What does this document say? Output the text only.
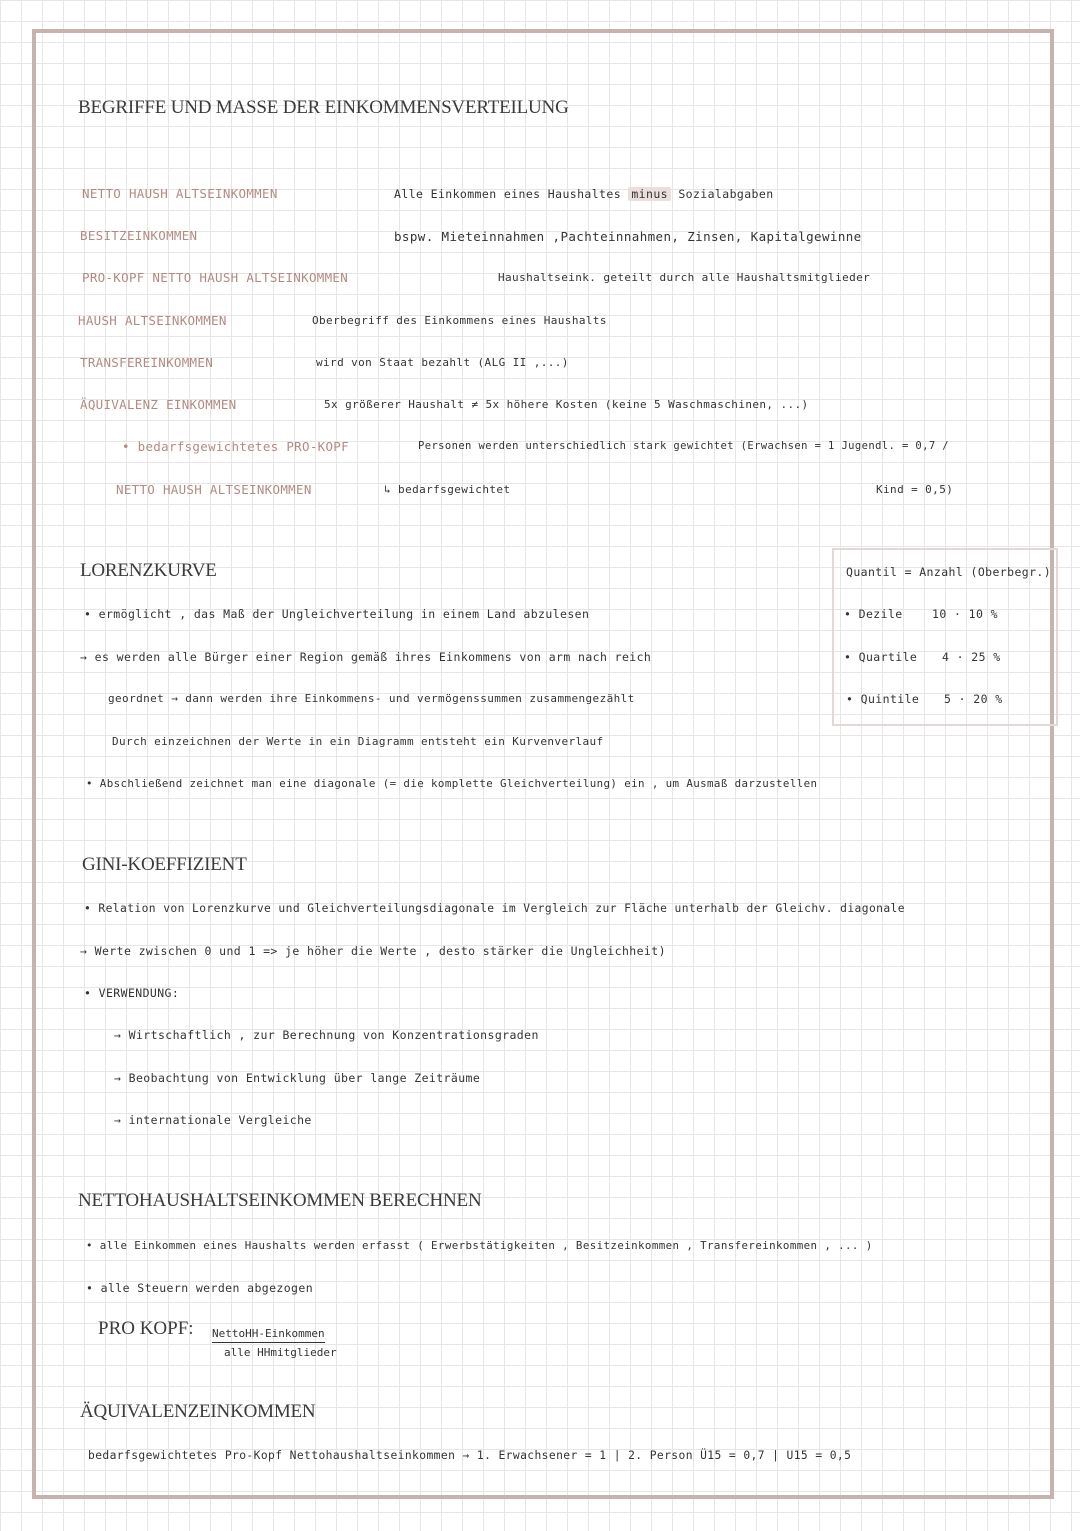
BEGRIFFE UND MASSE DER EINKOMMENSVERTEILUNG
NETTO HAUSH ALTSEINKOMMEN	Alle Einkommen eines Haushaltes minus Sozialabgaben
BESITZEINKOMMEN	bspw. Mieteinnahmen ,Pachteinnahmen, Zinsen, Kapitalgewinne
PRO-KOPF NETTO HAUSH ALTSEINKOMMEN	Haushaltseink. geteilt durch alle Haushaltsmitglieder
HAUSH ALTSEINKOMMEN	Oberbegriff des Einkommens eines Haushalts
TRANSFEREINKOMMEN	wird von Staat bezahlt (ALG II ,...)
ÄQUIVALENZ EINKOMMEN	5x größerer Haushalt ≠ 5x höhere Kosten (keine 5 Waschmaschinen, ...)
• bedarfsgewichtetes PRO-KOPF	Personen werden unterschiedlich stark gewichtet (Erwachsen = 1 Jugendl. = 0,7 /
NETTO HAUSH ALTSEINKOMMEN	↳ bedarfsgewichtet	Kind = 0,5)
LORENZKURVE
• ermöglicht , das Maß der Ungleichverteilung in einem Land abzulesen
→ es werden alle Bürger einer Region gemäß ihres Einkommens von arm nach reich
geordnet → dann werden ihre Einkommens- und vermögenssummen zusammengezählt
Durch einzeichnen der Werte in ein Diagramm entsteht ein Kurvenverlauf
• Abschließend zeichnet man eine diagonale (= die komplette Gleichverteilung) ein , um Ausmaß darzustellen
Quantil = Anzahl (Oberbegr.)
• Dezile	10 · 10 %
• Quartile 4 · 25 %
• Quintile 5 · 20 %
GINI-KOEFFIZIENT
• Relation von Lorenzkurve und Gleichverteilungsdiagonale im Vergleich zur Fläche unterhalb der Gleichv. diagonale
→ Werte zwischen 0 und 1 => je höher die Werte , desto stärker die Ungleichheit)
• VERWENDUNG:
→ Wirtschaftlich , zur Berechnung von Konzentrationsgraden
→ Beobachtung von Entwicklung über lange Zeiträume
→ internationale Vergleiche
NETTOHAUSHALTSEINKOMMEN BERECHNEN
• alle Einkommen eines Haushalts werden erfasst ( Erwerbstätigkeiten , Besitzeinkommen , Transfereinkommen , ... )
• alle Steuern werden abgezogen
PRO KOPF: NettoHH-Einkommen
alle HHmitglieder
ÄQUIVALENZEINKOMMEN
bedarfsgewichtetes Pro-Kopf Nettohaushaltseinkommen → 1. Erwachsener = 1 | 2. Person Ü15 = 0,7 | U15 = 0,5
